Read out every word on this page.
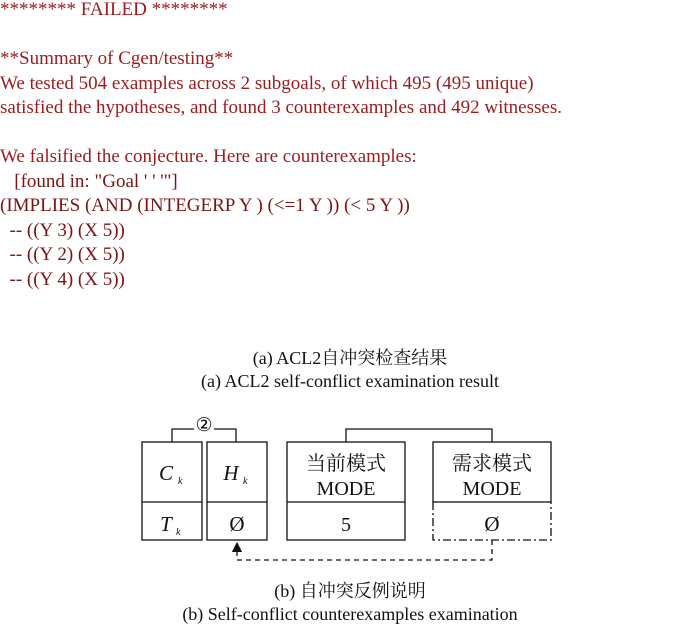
******** FAILED ********
**Summary of Cgen/testing**
We tested 504 examples across 2 subgoals, of which 495 (495 unique)
satisfied the hypotheses, and found 3 counterexamples and 492 witnesses.
We falsified the conjecture. Here are counterexamples:
[found in: "Goal ' ' '"]
(IMPLIES (AND (INTEGERP Y ) (<=1 Y )) (< 5 Y ))
-- ((Y 3) (X 5))
-- ((Y 2) (X 5))
-- ((Y 4) (X 5))
(a) ACL2自冲突检查结果
(a) ACL2 self-conflict examination result
②
C k
T k
H k
Ø
当前模式
MODE
5
需求模式
MODE
Ø
(b) 自冲突反例说明
(b) Self-conflict counterexamples examination
